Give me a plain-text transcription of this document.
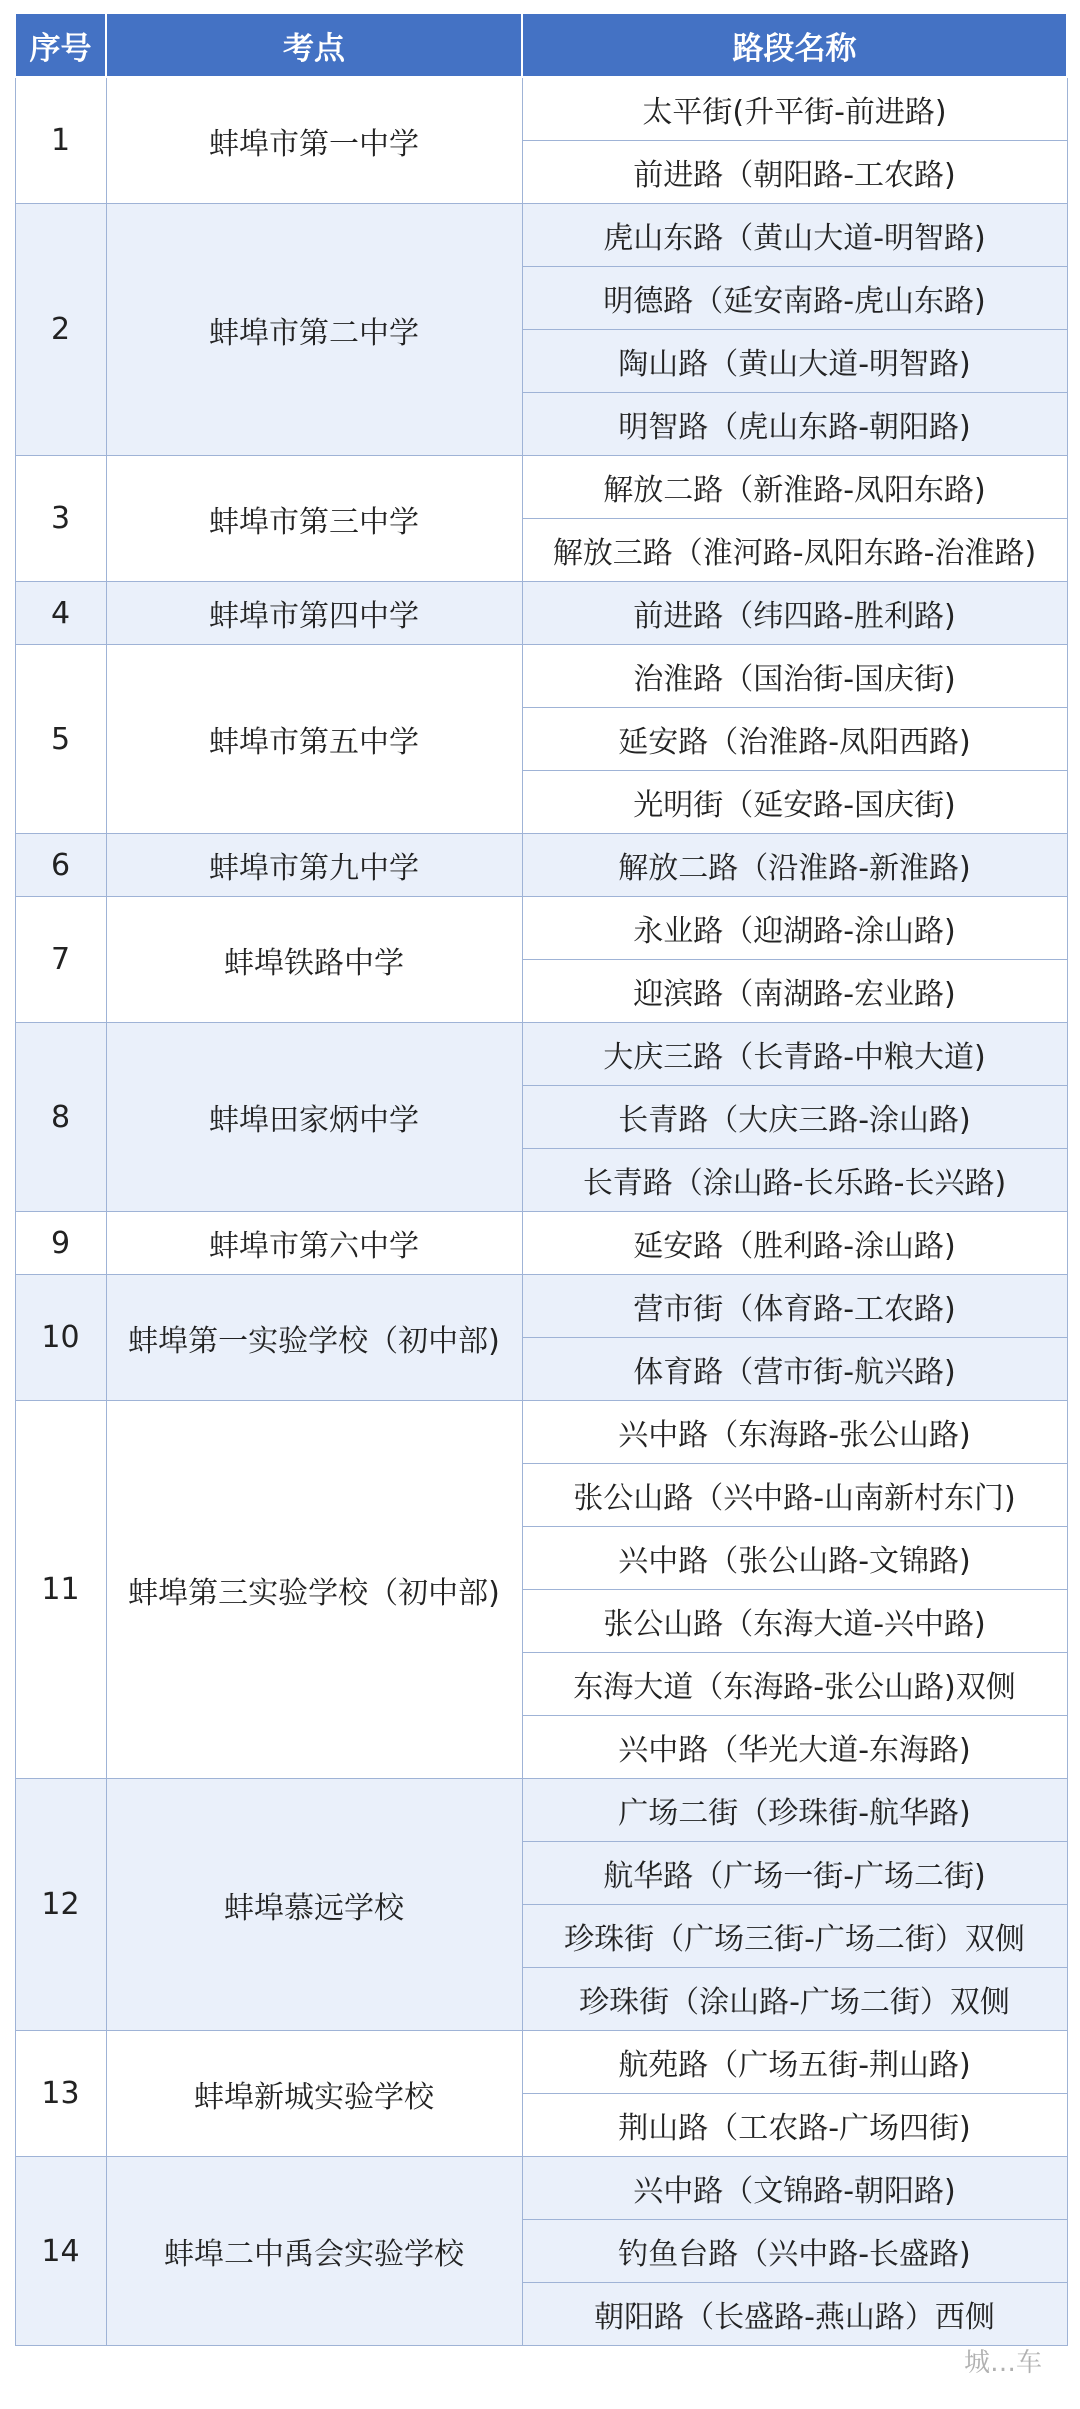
序号	考点	路段名称
1	蚌埠市第一中学	太平街(升平街-前进路)
		前进路（朝阳路-工农路)
2	蚌埠市第二中学	虎山东路（黄山大道-明智路)
		明德路（延安南路-虎山东路)
		陶山路（黄山大道-明智路)
		明智路（虎山东路-朝阳路)
3	蚌埠市第三中学	解放二路（新淮路-凤阳东路)
		解放三路（淮河路-凤阳东路-治淮路)
4	蚌埠市第四中学	前进路（纬四路-胜利路)
5	蚌埠市第五中学	治淮路（国治街-国庆街)
		延安路（治淮路-凤阳西路)
		光明街（延安路-国庆街)
6	蚌埠市第九中学	解放二路（沿淮路-新淮路)
7	蚌埠铁路中学	永业路（迎湖路-涂山路)
		迎滨路（南湖路-宏业路)
8	蚌埠田家炳中学	大庆三路（长青路-中粮大道)
		长青路（大庆三路-涂山路)
		长青路（涂山路-长乐路-长兴路)
9	蚌埠市第六中学	延安路（胜利路-涂山路)
10	蚌埠第一实验学校（初中部)	营市街（体育路-工农路)
		体育路（营市街-航兴路)
11	蚌埠第三实验学校（初中部)	兴中路（东海路-张公山路)
		张公山路（兴中路-山南新村东门)
		兴中路（张公山路-文锦路)
		张公山路（东海大道-兴中路)
		东海大道（东海路-张公山路)双侧
		兴中路（华光大道-东海路)
12	蚌埠慕远学校	广场二街（珍珠街-航华路)
		航华路（广场一街-广场二街)
		珍珠街（广场三街-广场二街）双侧
		珍珠街（涂山路-广场二街）双侧
13	蚌埠新城实验学校	航苑路（广场五街-荆山路)
		荆山路（工农路-广场四街)
14	蚌埠二中禹会实验学校	兴中路（文锦路-朝阳路)
		钓鱼台路（兴中路-长盛路)
		朝阳路（长盛路-燕山路）西侧
城…车
